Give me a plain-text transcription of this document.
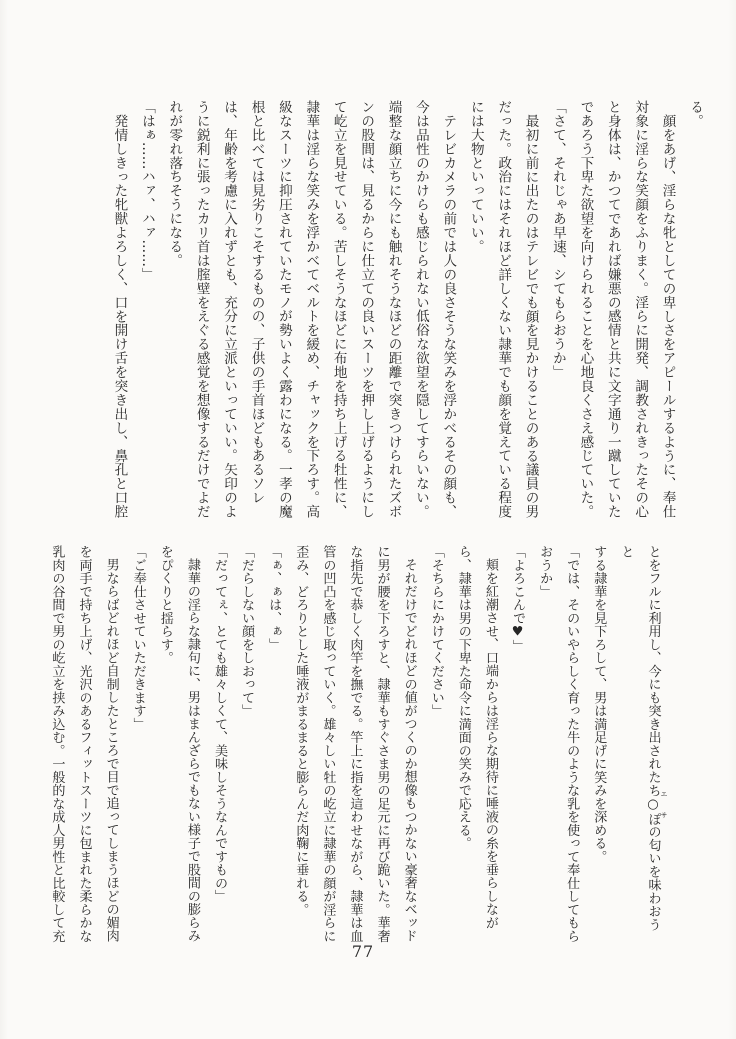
る。
顔をあげ、淫らな牝としての卑しさをアピールするように、奉仕
対象に淫らな笑顔をふりまく。淫らに開発、調教されきったその心
と身体は、かつてであれば嫌悪の感情と共に文字通り一蹴していた
であろう下卑た欲望を向けられることを心地良くさえ感じていた。
「さて、それじゃあ早速、シてもらおうか」
最初に前に出たのはテレビでも顔を見かけることのある議員の男
だった。政治にはそれほど詳しくない隷華でも顔を覚えている程度
には大物といっていい。
テレビカメラの前では人の良さそうな笑みを浮かべるその顔も、
今は品性のかけらも感じられない低俗な欲望を隠してすらいない。
端整な顔立ちに今にも触れそうなほどの距離で突きつけられたズボ
ンの股間は、見るからに仕立ての良いスーツを押し上げるようにし
て屹立を見せている。苦しそうなほどに布地を持ち上げる牡性に、
隷華は淫らな笑みを浮かべてベルトを緩め、チャックを下ろす。高
級なスーツに抑圧されていたモノが勢いよく露わになる。一孝の魔
根と比べては見劣りこそするものの、子供の手首ほどもあるソレ
は、年齢を考慮に入れずとも、充分に立派といっていい。矢印のよ
うに鋭利に張ったカリ首は腟壁をえぐる感覚を想像するだけでよだ
れが零れ落ちそうになる。
「はぁ……ハァ、ハァ……」
発情しきった牝獣よろしく、口を開け舌を突き出し、鼻孔と口腔
とをフルに利用し、今にも突き出されたち○ぽ エサの匂いを味わおうと
する隷華を見下ろして、男は満足げに笑みを深める。
「では、そのいやらしく育った牛のような乳を使って奉仕してもら
おうか」
「よろこんで♥」
頬を紅潮させ、口端からは淫らな期待に唾液の糸を垂らしなが
ら、隷華は男の下卑た命令に満面の笑みで応える。
「そちらにかけてください」
それだけでどれほどの値がつくのか想像もつかない豪奢なベッド
に男が腰を下ろすと、隷華もすぐさま男の足元に再び跪いた。華奢
な指先で恭しく肉竿を撫でる。竿上に指を這わせながら、隷華は血
管の凹凸を感じ取っていく。雄々しい牡の屹立に隷華の顔が淫らに
歪み、どろりとした唾液がまるまると膨らんだ肉鞠に垂れる。
「ぁ、ぁは、ぁ」
「だらしない顔をしおって」
「だってぇ、とても雄々しくて、美味しそうなんですもの」
隷華の淫らな隷句に、男はまんざらでもない様子で股間の膨らみ
をぴくりと揺らす。
「ご奉仕させていただきます」
男ならばどれほど自制したところで目で追ってしまうほどの媚肉
を両手で持ち上げ、光沢のあるフィットスーツに包まれた柔らかな
乳肉の谷間で男の屹立を挟み込む。一般的な成人男性と比較して充
77
